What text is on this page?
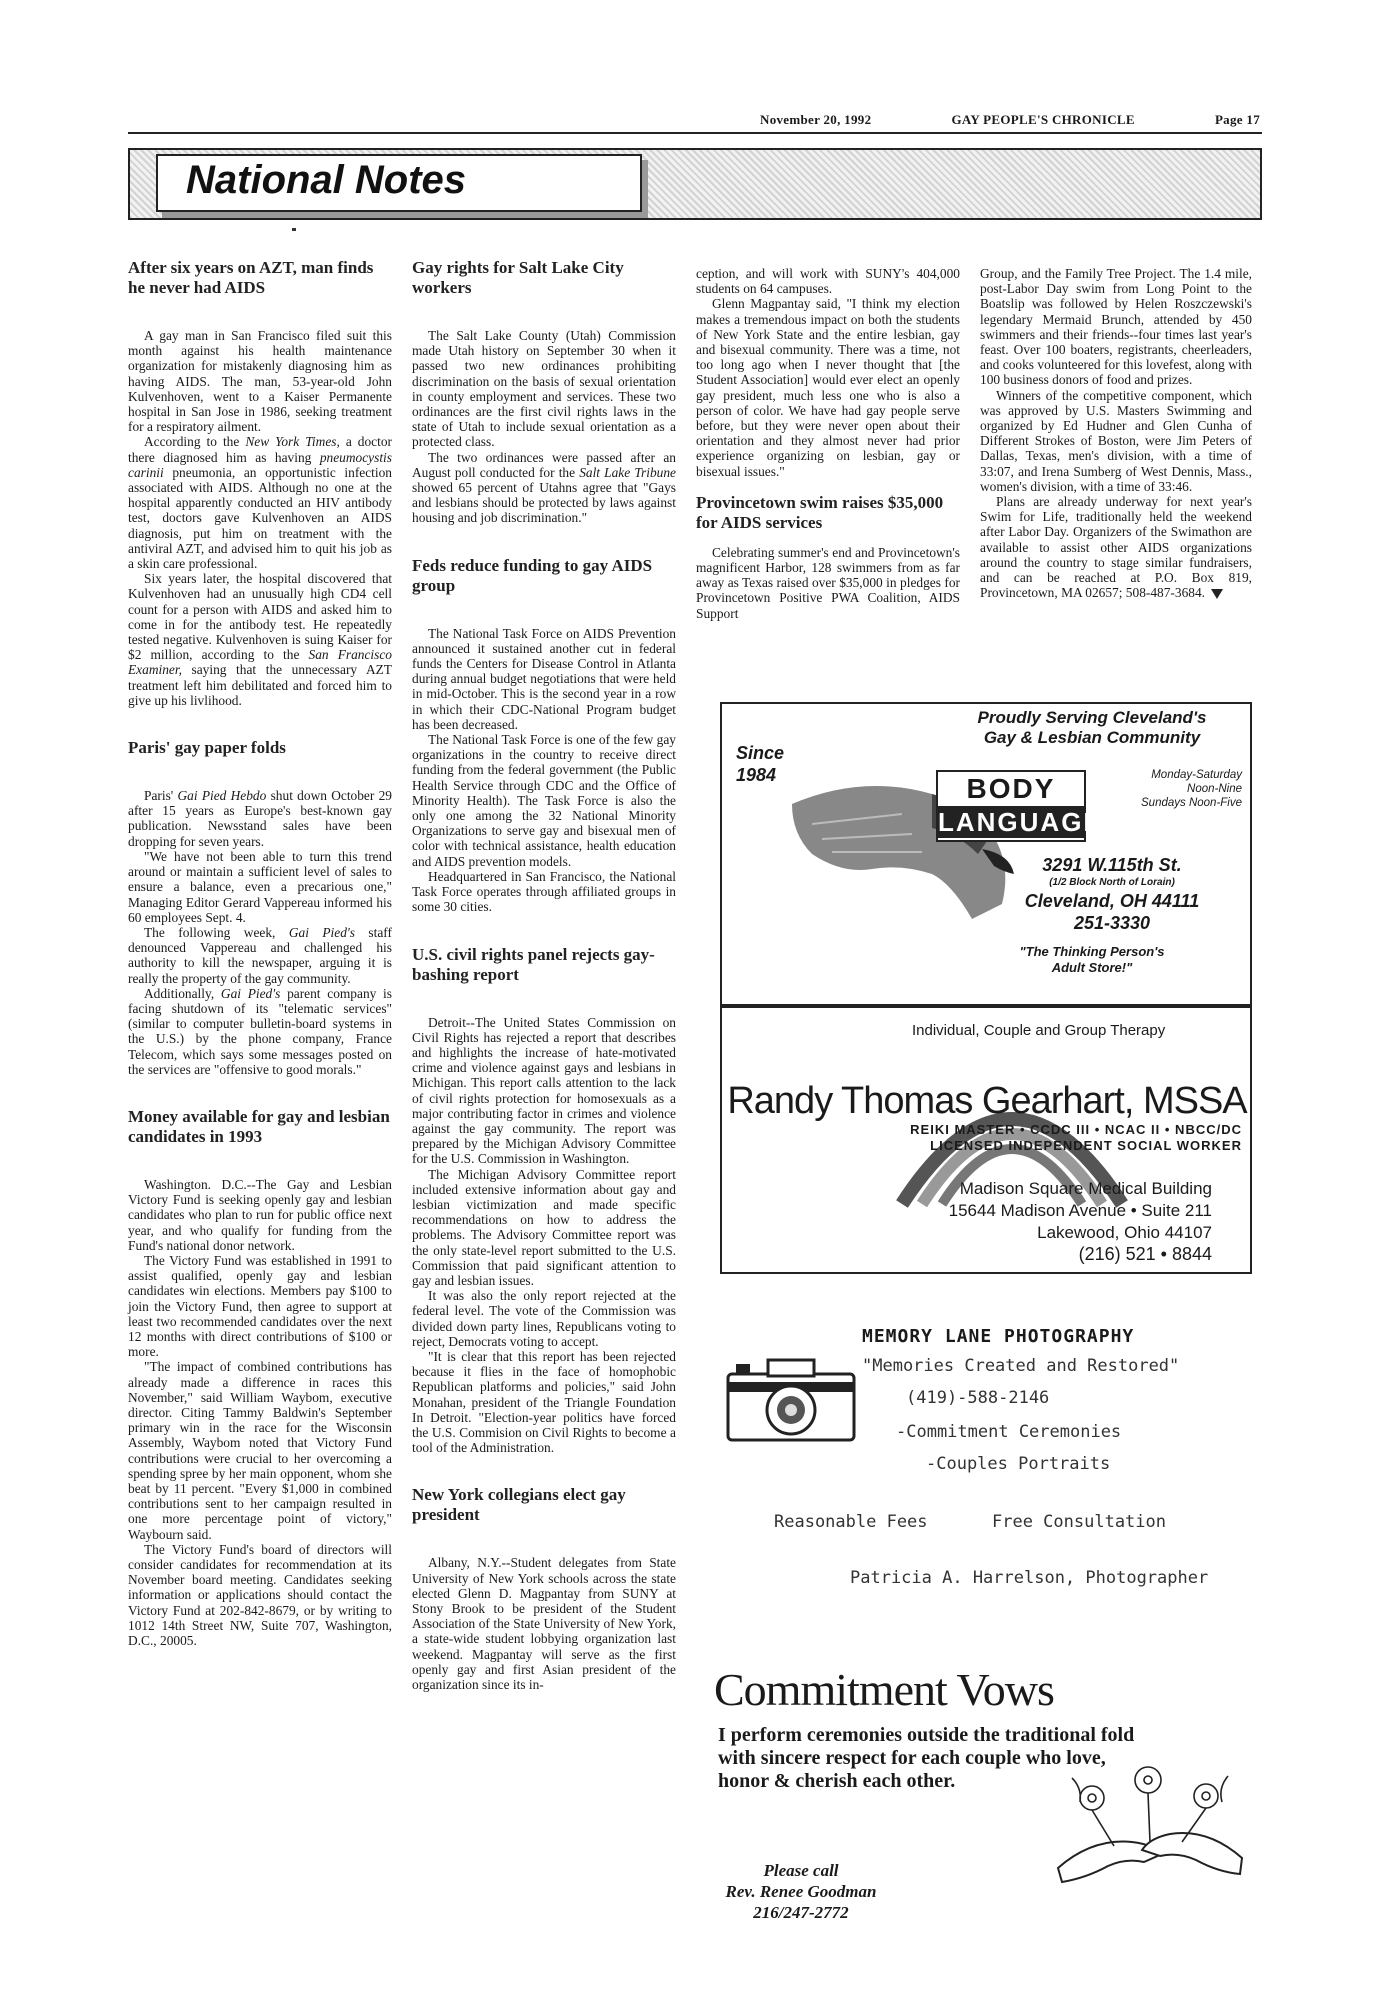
November 20, 1992	GAY PEOPLE'S CHRONICLE	Page 17
National Notes
After six years on AZT, man finds he never had AIDS

A gay man in San Francisco filed suit this month against his health maintenance organization for mistakenly diagnosing him as having AIDS. The man, 53-year-old John Kulvenhoven, went to a Kaiser Permanente hospital in San Jose in 1986, seeking treatment for a respiratory ailment.

According to the New York Times, a doctor there diagnosed him as having pneumocystis carinii pneumonia, an opportunistic infection associated with AIDS. Although no one at the hospital apparently conducted an HIV antibody test, doctors gave Kulvenhoven an AIDS diagnosis, put him on treatment with the antiviral AZT, and advised him to quit his job as a skin care professional.

Six years later, the hospital discovered that Kulvenhoven had an unusually high CD4 cell count for a person with AIDS and asked him to come in for the antibody test. He repeatedly tested negative. Kulvenhoven is suing Kaiser for $2 million, according to the San Francisco Examiner, saying that the unnecessary AZT treatment left him debilitated and forced him to give up his livlihood.

Paris' gay paper folds

Paris' Gai Pied Hebdo shut down October 29 after 15 years as Europe's best-known gay publication. Newsstand sales have been dropping for seven years.

"We have not been able to turn this trend around or maintain a sufficient level of sales to ensure a balance, even a precarious one," Managing Editor Gerard Vappereau informed his 60 employees Sept. 4.

The following week, Gai Pied's staff denounced Vappereau and challenged his authority to kill the newspaper, arguing it is really the property of the gay community.

Additionally, Gai Pied's parent company is facing shutdown of its "telematic services" (similar to computer bulletin-board systems in the U.S.) by the phone company, France Telecom, which says some messages posted on the services are "offensive to good morals."

Money available for gay and lesbian candidates in 1993

Washington. D.C.--The Gay and Lesbian Victory Fund is seeking openly gay and lesbian candidates who plan to run for public office next year, and who qualify for funding from the Fund's national donor network.

The Victory Fund was established in 1991 to assist qualified, openly gay and lesbian candidates win elections. Members pay $100 to join the Victory Fund, then agree to support at least two recommended candidates over the next 12 months with direct contributions of $100 or more.

"The impact of combined contributions has already made a difference in races this November," said William Waybom, executive director. Citing Tammy Baldwin's September primary win in the race for the Wisconsin Assembly, Waybom noted that Victory Fund contributions were crucial to her overcoming a spending spree by her main opponent, whom she beat by 11 percent. "Every $1,000 in combined contributions sent to her campaign resulted in one more percentage point of victory," Waybourn said.

The Victory Fund's board of directors will consider candidates for recommendation at its November board meeting. Candidates seeking information or applications should contact the Victory Fund at 202-842-8679, or by writing to 1012 14th Street NW, Suite 707, Washington, D.C., 20005.

Gay rights for Salt Lake City workers

The Salt Lake County (Utah) Commission made Utah history on September 30 when it passed two new ordinances prohibiting discrimination on the basis of sexual orientation in county employment and services. These two ordinances are the first civil rights laws in the state of Utah to include sexual orientation as a protected class.

The two ordinances were passed after an August poll conducted for the Salt Lake Tribune showed 65 percent of Utahns agree that "Gays and lesbians should be protected by laws against housing and job discrimination."

Feds reduce funding to gay AIDS group

The National Task Force on AIDS Prevention announced it sustained another cut in federal funds the Centers for Disease Control in Atlanta during annual budget negotiations that were held in mid-October. This is the second year in a row in which their CDC-National Program budget has been decreased.

The National Task Force is one of the few gay organizations in the country to receive direct funding from the federal government (the Public Health Service through CDC and the Office of Minority Health). The Task Force is also the only one among the 32 National Minority Organizations to serve gay and bisexual men of color with technical assistance, health education and AIDS prevention models.

Headquartered in San Francisco, the National Task Force operates through affiliated groups in some 30 cities.

U.S. civil rights panel rejects gay-bashing report

Detroit--The United States Commission on Civil Rights has rejected a report that describes and highlights the increase of hate-motivated crime and violence against gays and lesbians in Michigan. This report calls attention to the lack of civil rights protection for homosexuals as a major contributing factor in crimes and violence against the gay community. The report was prepared by the Michigan Advisory Committee for the U.S. Commission in Washington.

The Michigan Advisory Committee report included extensive information about gay and lesbian victimization and made specific recommendations on how to address the problems. The Advisory Committee report was the only state-level report submitted to the U.S. Commission that paid significant attention to gay and lesbian issues.

It was also the only report rejected at the federal level. The vote of the Commission was divided down party lines, Republicans voting to reject, Democrats voting to accept.

"It is clear that this report has been rejected because it flies in the face of homophobic Republican platforms and policies," said John Monahan, president of the Triangle Foundation In Detroit. "Election-year politics have forced the U.S. Commision on Civil Rights to become a tool of the Administration.

New York collegians elect gay president

Albany, N.Y.--Student delegates from State University of New York schools across the state elected Glenn D. Magpantay from SUNY at Stony Brook to be president of the Student Association of the State University of New York, a state-wide student lobbying organization last weekend. Magpantay will serve as the first openly gay and first Asian president of the organization since its in-

ception, and will work with SUNY's 404,000 students on 64 campuses.

Glenn Magpantay said, "I think my election makes a tremendous impact on both the students of New York State and the entire lesbian, gay and bisexual community. There was a time, not too long ago when I never thought that [the Student Association] would ever elect an openly gay president, much less one who is also a person of color. We have had gay people serve before, but they were never open about their orientation and they almost never had prior experience organizing on lesbian, gay or bisexual issues."

Provincetown swim raises $35,000 for AIDS services

Celebrating summer's end and Provincetown's magnificent Harbor, 128 swimmers from as far away as Texas raised over $35,000 in pledges for Provincetown Positive PWA Coalition, AIDS Support

Group, and the Family Tree Project. The 1.4 mile, post-Labor Day swim from Long Point to the Boatslip was followed by Helen Roszczewski's legendary Mermaid Brunch, attended by 450 swimmers and their friends--four times last year's feast. Over 100 boaters, registrants, cheerleaders, and cooks volunteered for this lovefest, along with 100 business donors of food and prizes.

Winners of the competitive component, which was approved by U.S. Masters Swimming and organized by Ed Hudner and Glen Cunha of Different Strokes of Boston, were Jim Peters of Dallas, Texas, men's division, with a time of 33:07, and Irena Sumberg of West Dennis, Mass., women's division, with a time of 33:46.

Plans are already underway for next year's Swim for Life, traditionally held the weekend after Labor Day. Organizers of the Swimathon are available to assist other AIDS organizations around the country to stage similar fundraisers, and can be reached at P.O. Box 819, Provincetown, MA 02657; 508-487-3684.

Proudly Serving Cleveland's
Gay & Lesbian Community
Since
1984	BODY
LANGUAGE
Monday-Saturday
Noon-Nine
Sundays Noon-Five
3291 W.115th St.
(1/2 Block North of Lorain)
Cleveland, OH 44111
251-3330
"The Thinking Person's
Adult Store!"
Individual, Couple and Group Therapy
Randy Thomas Gearhart, MSSA
REIKI MASTER • CCDC III • NCAC II • NBCC/DC
LICENSED INDEPENDENT SOCIAL WORKER
Madison Square Medical Building
15644 Madison Avenue • Suite 211
Lakewood, Ohio 44107
(216) 521 • 8844
MEMORY LANE PHOTOGRAPHY
"Memories Created and Restored"
(419)-588-2146
-Commitment Ceremonies
-Couples Portraits
Reasonable Fees	Free Consultation
Patricia A. Harrelson, Photographer
Commitment Vows
I perform ceremonies outside the traditional fold with sincere respect for each couple who love, honor & cherish each other.
Please call
Rev. Renee Goodman
216/247-2772
